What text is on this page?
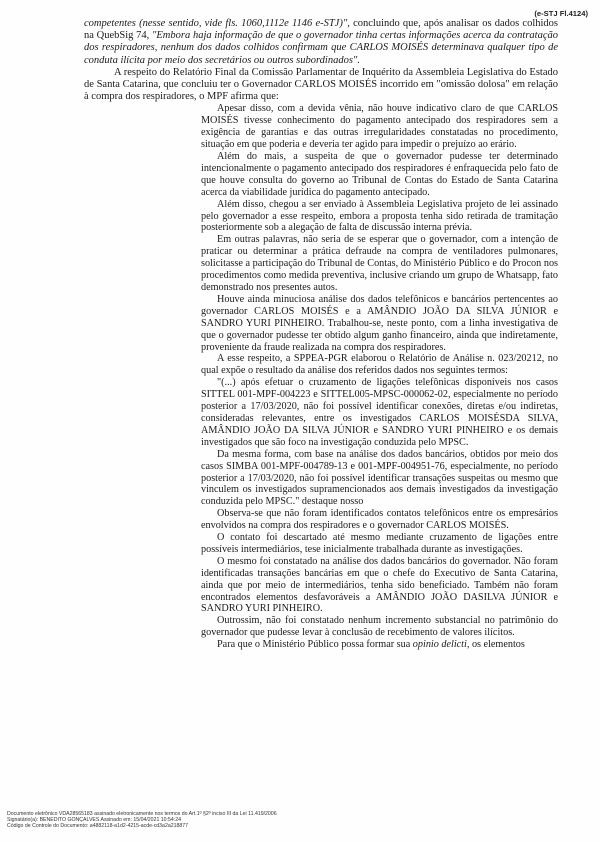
(e-STJ Fl.4124)

competentes (nesse sentido, vide fls. 1060,1112e 1146 e-STJ)", concluindo que, após analisar os dados colhidos na QuebSig 74, "Embora haja informação de que o governador tinha certas informações acerca da contratação dos respiradores, nenhum dos dados colhidos confirmam que CARLOS MOISÉS determinava qualquer tipo de conduta ilícita por meio dos secretários ou outros subordinados".

A respeito do Relatório Final da Comissão Parlamentar de Inquérito da Assembleia Legislativa do Estado de Santa Catarina, que concluiu ter o Governador CARLOS MOISÉS incorrido em "omissão dolosa" em relação à compra dos respiradores, o MPF afirma que:

Apesar disso, com a devida vênia, não houve indicativo claro de que CARLOS MOISÉS tivesse conhecimento do pagamento antecipado dos respiradores sem a exigência de garantias e das outras irregularidades constatadas no procedimento, situação em que poderia e deveria ter agido para impedir o prejuízo ao erário.

Além do mais, a suspeita de que o governador pudesse ter determinado intencionalmente o pagamento antecipado dos respiradores é enfraquecida pelo fato de que houve consulta do governo ao Tribunal de Contas do Estado de Santa Catarina acerca da viabilidade jurídica do pagamento antecipado.

Além disso, chegou a ser enviado à Assembleia Legislativa projeto de lei assinado pelo governador a esse respeito, embora a proposta tenha sido retirada de tramitação posteriormente sob a alegação de falta de discussão interna prévia.

Em outras palavras, não seria de se esperar que o governador, com a intenção de praticar ou determinar a prática defraude na compra de ventiladores pulmonares, solicitasse a participação do Tribunal de Contas, do Ministério Público e do Procon nos procedimentos como medida preventiva, inclusive criando um grupo de Whatsapp, fato demonstrado nos presentes autos.

Houve ainda minuciosa análise dos dados telefônicos e bancários pertencentes ao governador CARLOS MOISÉS e a AMÂNDIO JOÃO DA SILVA JÚNIOR e SANDRO YURI PINHEIRO. Trabalhou-se, neste ponto, com a linha investigativa de que o governador pudesse ter obtido algum ganho financeiro, ainda que indiretamente, proveniente da fraude realizada na compra dos respiradores.

A esse respeito, a SPPEA-PGR elaborou o Relatório de Análise n. 023/20212, no qual expõe o resultado da análise dos referidos dados nos seguintes termos:

"(...) após efetuar o cruzamento de ligações telefônicas disponíveis nos casos SITTEL 001-MPF-004223 e SITTEL005-MPSC-000062-02, especialmente no período posterior a 17/03/2020, não foi possível identificar conexões, diretas e/ou indiretas, consideradas relevantes, entre os investigados CARLOS MOISÉSDA SILVA, AMÂNDIO JOÃO DA SILVA JÚNIOR e SANDRO YURI PINHEIRO e os demais investigados que são foco na investigação conduzida pelo MPSC.

Da mesma forma, com base na análise dos dados bancários, obtidos por meio dos casos SIMBA 001-MPF-004789-13 e 001-MPF-004951-76, especialmente, no período posterior a 17/03/2020, não foi possível identificar transações suspeitas ou mesmo que vinculem os investigados supramencionados aos demais investigados da investigação conduzida pelo MPSC." destaque nosso

Observa-se que não foram identificados contatos telefônicos entre os empresários envolvidos na compra dos respiradores e o governador CARLOS MOISÉS.

O contato foi descartado até mesmo mediante cruzamento de ligações entre possíveis intermediários, tese inicialmente trabalhada durante as investigações.

O mesmo foi constatado na análise dos dados bancários do governador. Não foram identificadas transações bancárias em que o chefe do Executivo de Santa Catarina, ainda que por meio de intermediários, tenha sido beneficiado. Também não foram encontrados elementos desfavoráveis a AMÂNDIO JOÃO DASILVA JÚNIOR e SANDRO YURI PINHEIRO.

Outrossim, não foi constatado nenhum incremento substancial no patrimônio do governador que pudesse levar à conclusão de recebimento de valores ilícitos.

Para que o Ministério Público possa formar sua opinio delicti, os elementos

Documento eletrônico VDA28565183 assinado eletronicamente nos termos do Art.1º §2º inciso III da Lei 11.419/2006
Signatário(a): BENEDITO GONÇALVES Assinado em: 15/04/2021 10:54:24
Código de Controle do Documento: a4882118-a1d2-4215-acde-cd3a2a218877
